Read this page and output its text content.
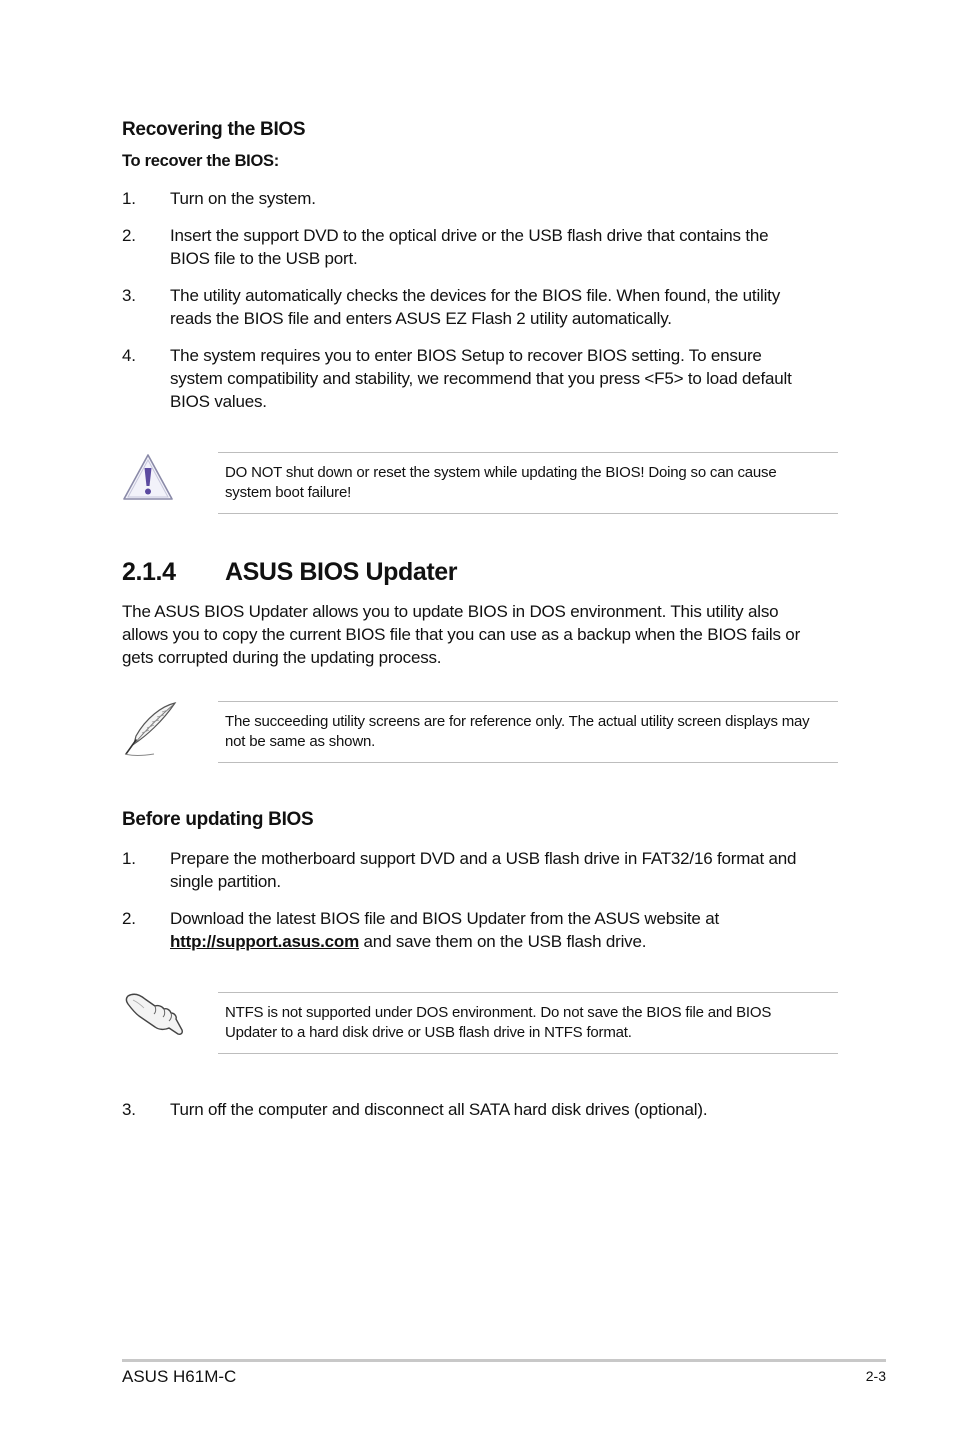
Recovering the BIOS
To recover the BIOS:
1. Turn on the system.
2. Insert the support DVD to the optical drive or the USB flash drive that contains the
BIOS file to the USB port.
3. The utility automatically checks the devices for the BIOS file. When found, the utility
reads the BIOS file and enters ASUS EZ Flash 2 utility automatically.
4. The system requires you to enter BIOS Setup to recover BIOS setting. To ensure
system compatibility and stability, we recommend that you press <F5> to load default
BIOS values.
DO NOT shut down or reset the system while updating the BIOS! Doing so can cause
system boot failure!
2.1.4 ASUS BIOS Updater
The ASUS BIOS Updater allows you to update BIOS in DOS environment. This utility also
allows you to copy the current BIOS file that you can use as a backup when the BIOS fails or
gets corrupted during the updating process.
The succeeding utility screens are for reference only. The actual utility screen displays may
not be same as shown.
Before updating BIOS
1. Prepare the motherboard support DVD and a USB flash drive in FAT32/16 format and
single partition.
2. Download the latest BIOS file and BIOS Updater from the ASUS website at
http://support.asus.com and save them on the USB flash drive.
NTFS is not supported under DOS environment. Do not save the BIOS file and BIOS
Updater to a hard disk drive or USB flash drive in NTFS format.
3. Turn off the computer and disconnect all SATA hard disk drives (optional).
ASUS H61M-C	2-3
